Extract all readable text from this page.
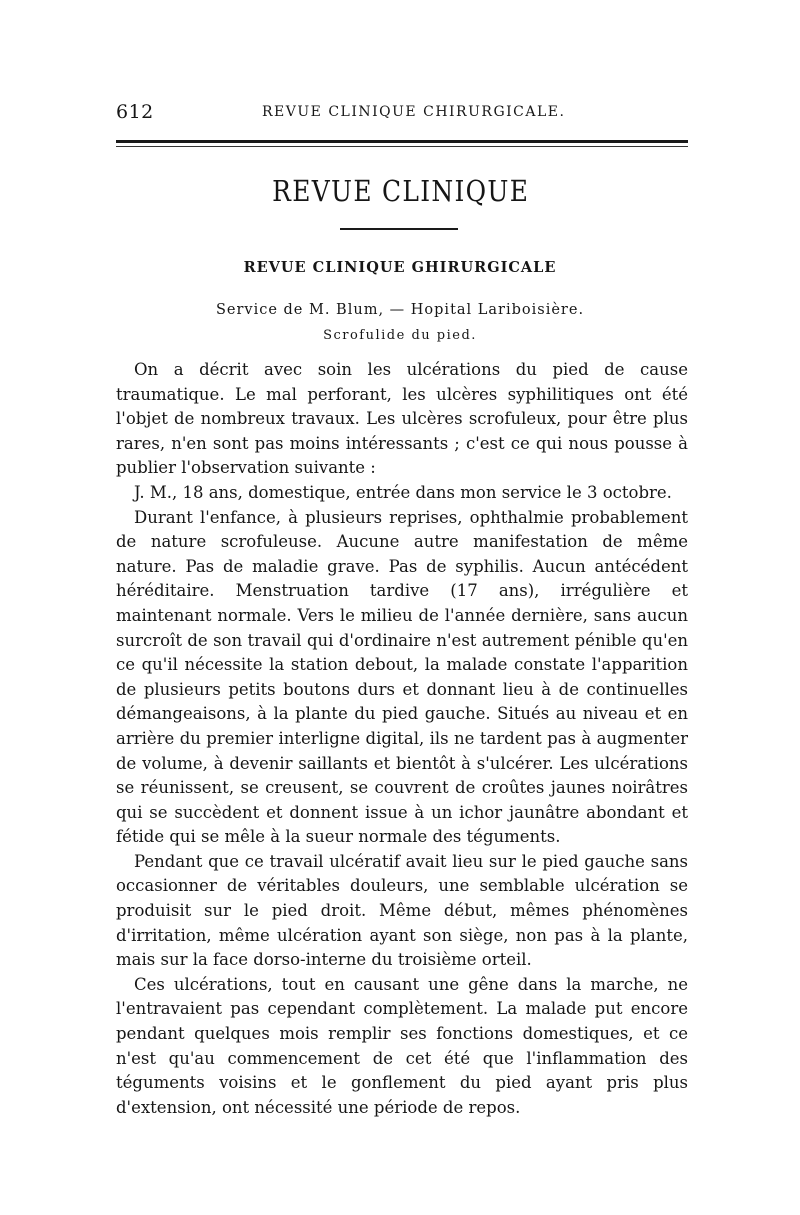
612	REVUE CLINIQUE CHIRURGICALE.
REVUE CLINIQUE
REVUE CLINIQUE GHIRURGICALE
Service de M. Blum, — Hopital Lariboisière.
Scrofulide du pied.

On a décrit avec soin les ulcérations du pied de cause traumatique. Le mal perforant, les ulcères syphilitiques ont été l'objet de nombreux travaux. Les ulcères scrofuleux, pour être plus rares, n'en sont pas moins intéressants ; c'est ce qui nous pousse à publier l'observation suivante :

J. M., 18 ans, domestique, entrée dans mon service le 3 octobre.

Durant l'enfance, à plusieurs reprises, ophthalmie probablement de nature scrofuleuse. Aucune autre manifestation de même nature. Pas de maladie grave. Pas de syphilis. Aucun antécédent héréditaire. Menstruation tardive (17 ans), irrégulière et maintenant normale. Vers le milieu de l'année dernière, sans aucun surcroît de son travail qui d'ordinaire n'est autrement pénible qu'en ce qu'il nécessite la station debout, la malade constate l'apparition de plusieurs petits boutons durs et donnant lieu à de continuelles démangeaisons, à la plante du pied gauche. Situés au niveau et en arrière du premier interligne digital, ils ne tardent pas à augmenter de volume, à devenir saillants et bientôt à s'ulcérer. Les ulcérations se réunissent, se creusent, se couvrent de croûtes jaunes noirâtres qui se succèdent et donnent issue à un ichor jaunâtre abondant et fétide qui se mêle à la sueur normale des téguments.

Pendant que ce travail ulcératif avait lieu sur le pied gauche sans occasionner de véritables douleurs, une semblable ulcération se produisit sur le pied droit. Même début, mêmes phénomènes d'irritation, même ulcération ayant son siège, non pas à la plante, mais sur la face dorso-interne du troisième orteil.

Ces ulcérations, tout en causant une gêne dans la marche, ne l'entravaient pas cependant complètement. La malade put encore pendant quelques mois remplir ses fonctions domestiques, et ce n'est qu'au commencement de cet été que l'inflammation des téguments voisins et le gonflement du pied ayant pris plus d'extension, ont nécessité une période de repos.
